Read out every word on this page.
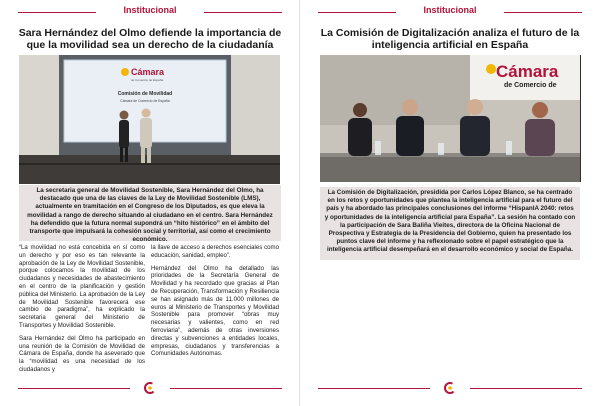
Institucional
Sara Hernández del Olmo defiende la importancia de que la movilidad sea un derecho de la ciudadanía
Cámara
de Comercio de España
Comisión de Movilidad
Cámara de Comercio de España
La secretaria general de Movilidad Sostenible, Sara Hernández del Olmo, ha destacado que una de las claves de la Ley de Movilidad Sostenible (LMS), actualmente en tramitación en el Congreso de los Diputados, es que eleva la movilidad a rango de derecho situando al ciudadano en el centro. Sara Hernández ha defendido que la futura normal supondrá un “hito histórico” en el ámbito del transporte que impulsará la cohesión social y territorial, así como el crecimiento económico.

“La movilidad no está concebida en sí como un derecho y por eso es tan relevante la aprobación de la Ley de Movilidad Sostenible, porque colocamos la movilidad de los ciudadanos y necesidades de abastecimiento en el centro de la planificación y gestión pública del Ministerio. La aprobación de la Ley de Movilidad Sostenible favorecerá ese cambio de paradigma”, ha explicado la secretaria general del Ministerio de Transportes y Movilidad Sostenible.

Sara Hernández del Olmo ha participado en una reunión de la Comisión de Movilidad de Cámara de España, donde ha aseverado que la “movilidad es una necesidad de los ciudadanos y

la llave de acceso a derechos esenciales como educación, sanidad, empleo”.

Hernández del Olmo ha detallado las prioridades de la Secretaría General de Movilidad y ha recordado que gracias al Plan de Recuperación, Transformación y Resiliencia se han asignado más de 11.000 millones de euros al Ministerio de Transportes y Movilidad Sostenible para promover “obras muy necesarias y valientes, como en red ferroviaria”, además de otras inversiones directas y subvenciones a entidades locales, empresas, ciudadanos y transferencias a Comunidades Autónomas.

Institucional
La Comisión de Digitalización analiza el futuro de la inteligencia artificial en España
Cámara
de Comercio de
La Comisión de Digitalización, presidida por Carlos López Blanco, se ha centrado en los retos y oportunidades que plantea la inteligencia artificial para el futuro del país y ha abordado las principales conclusiones del informe “HispanIA 2040: retos y oportunidades de la inteligencia artificial para España”. La sesión ha contado con la participación de Sara Baliña Vieites, directora de la Oficina Nacional de Prospectiva y Estrategia de la Presidencia del Gobierno, quien ha presentado los puntos clave del informe y ha reflexionado sobre el papel estratégico que la inteligencia artificial desempeñará en el desarrollo económico y social de España.
